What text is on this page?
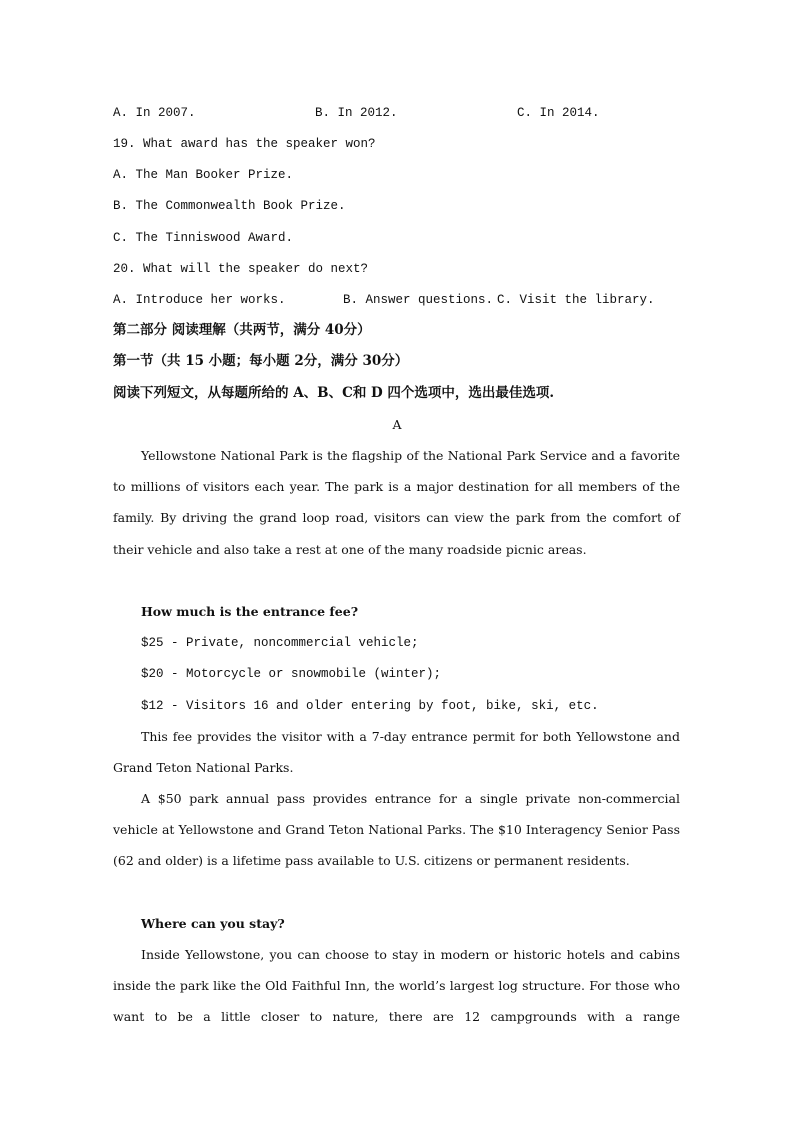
A. In 2007.	B. In 2012.	C. In 2014.
19. What award has the speaker won?
A. The Man Booker Prize.
B. The Commonwealth Book Prize.
C. The Tinniswood Award.
20. What will the speaker do next?
A. Introduce her works.	B. Answer questions. C. Visit the library.
第二部分 阅读理解（共两节，满分 40分）
第一节（共 15 小题；每小题 2分，满分 30分）
阅读下列短文，从每题所给的 A、B、C和 D 四个选项中，选出最佳选项.
A

Yellowstone National Park is the flagship of the National Park Service and a favorite to millions of visitors each year. The park is a major destination for all members of the family. By driving the grand loop road, visitors can view the park from the comfort of their vehicle and also take a rest at one of the many roadside picnic areas.

How much is the entrance fee?
$25 - Private, noncommercial vehicle;
$20 - Motorcycle or snowmobile (winter);
$12 - Visitors 16 and older entering by foot, bike, ski, etc.

This fee provides the visitor with a 7-day entrance permit for both Yellowstone and Grand Teton National Parks.

A $50 park annual pass provides entrance for a single private non-commercial vehicle at Yellowstone and Grand Teton National Parks. The $10 Interagency Senior Pass (62 and older) is a lifetime pass available to U.S. citizens or permanent residents.

Where can you stay?

Inside Yellowstone, you can choose to stay in modern or historic hotels and cabins inside the park like the Old Faithful Inn, the world’s largest log structure. For those who want to be a little closer to nature, there are 12 campgrounds with a range
